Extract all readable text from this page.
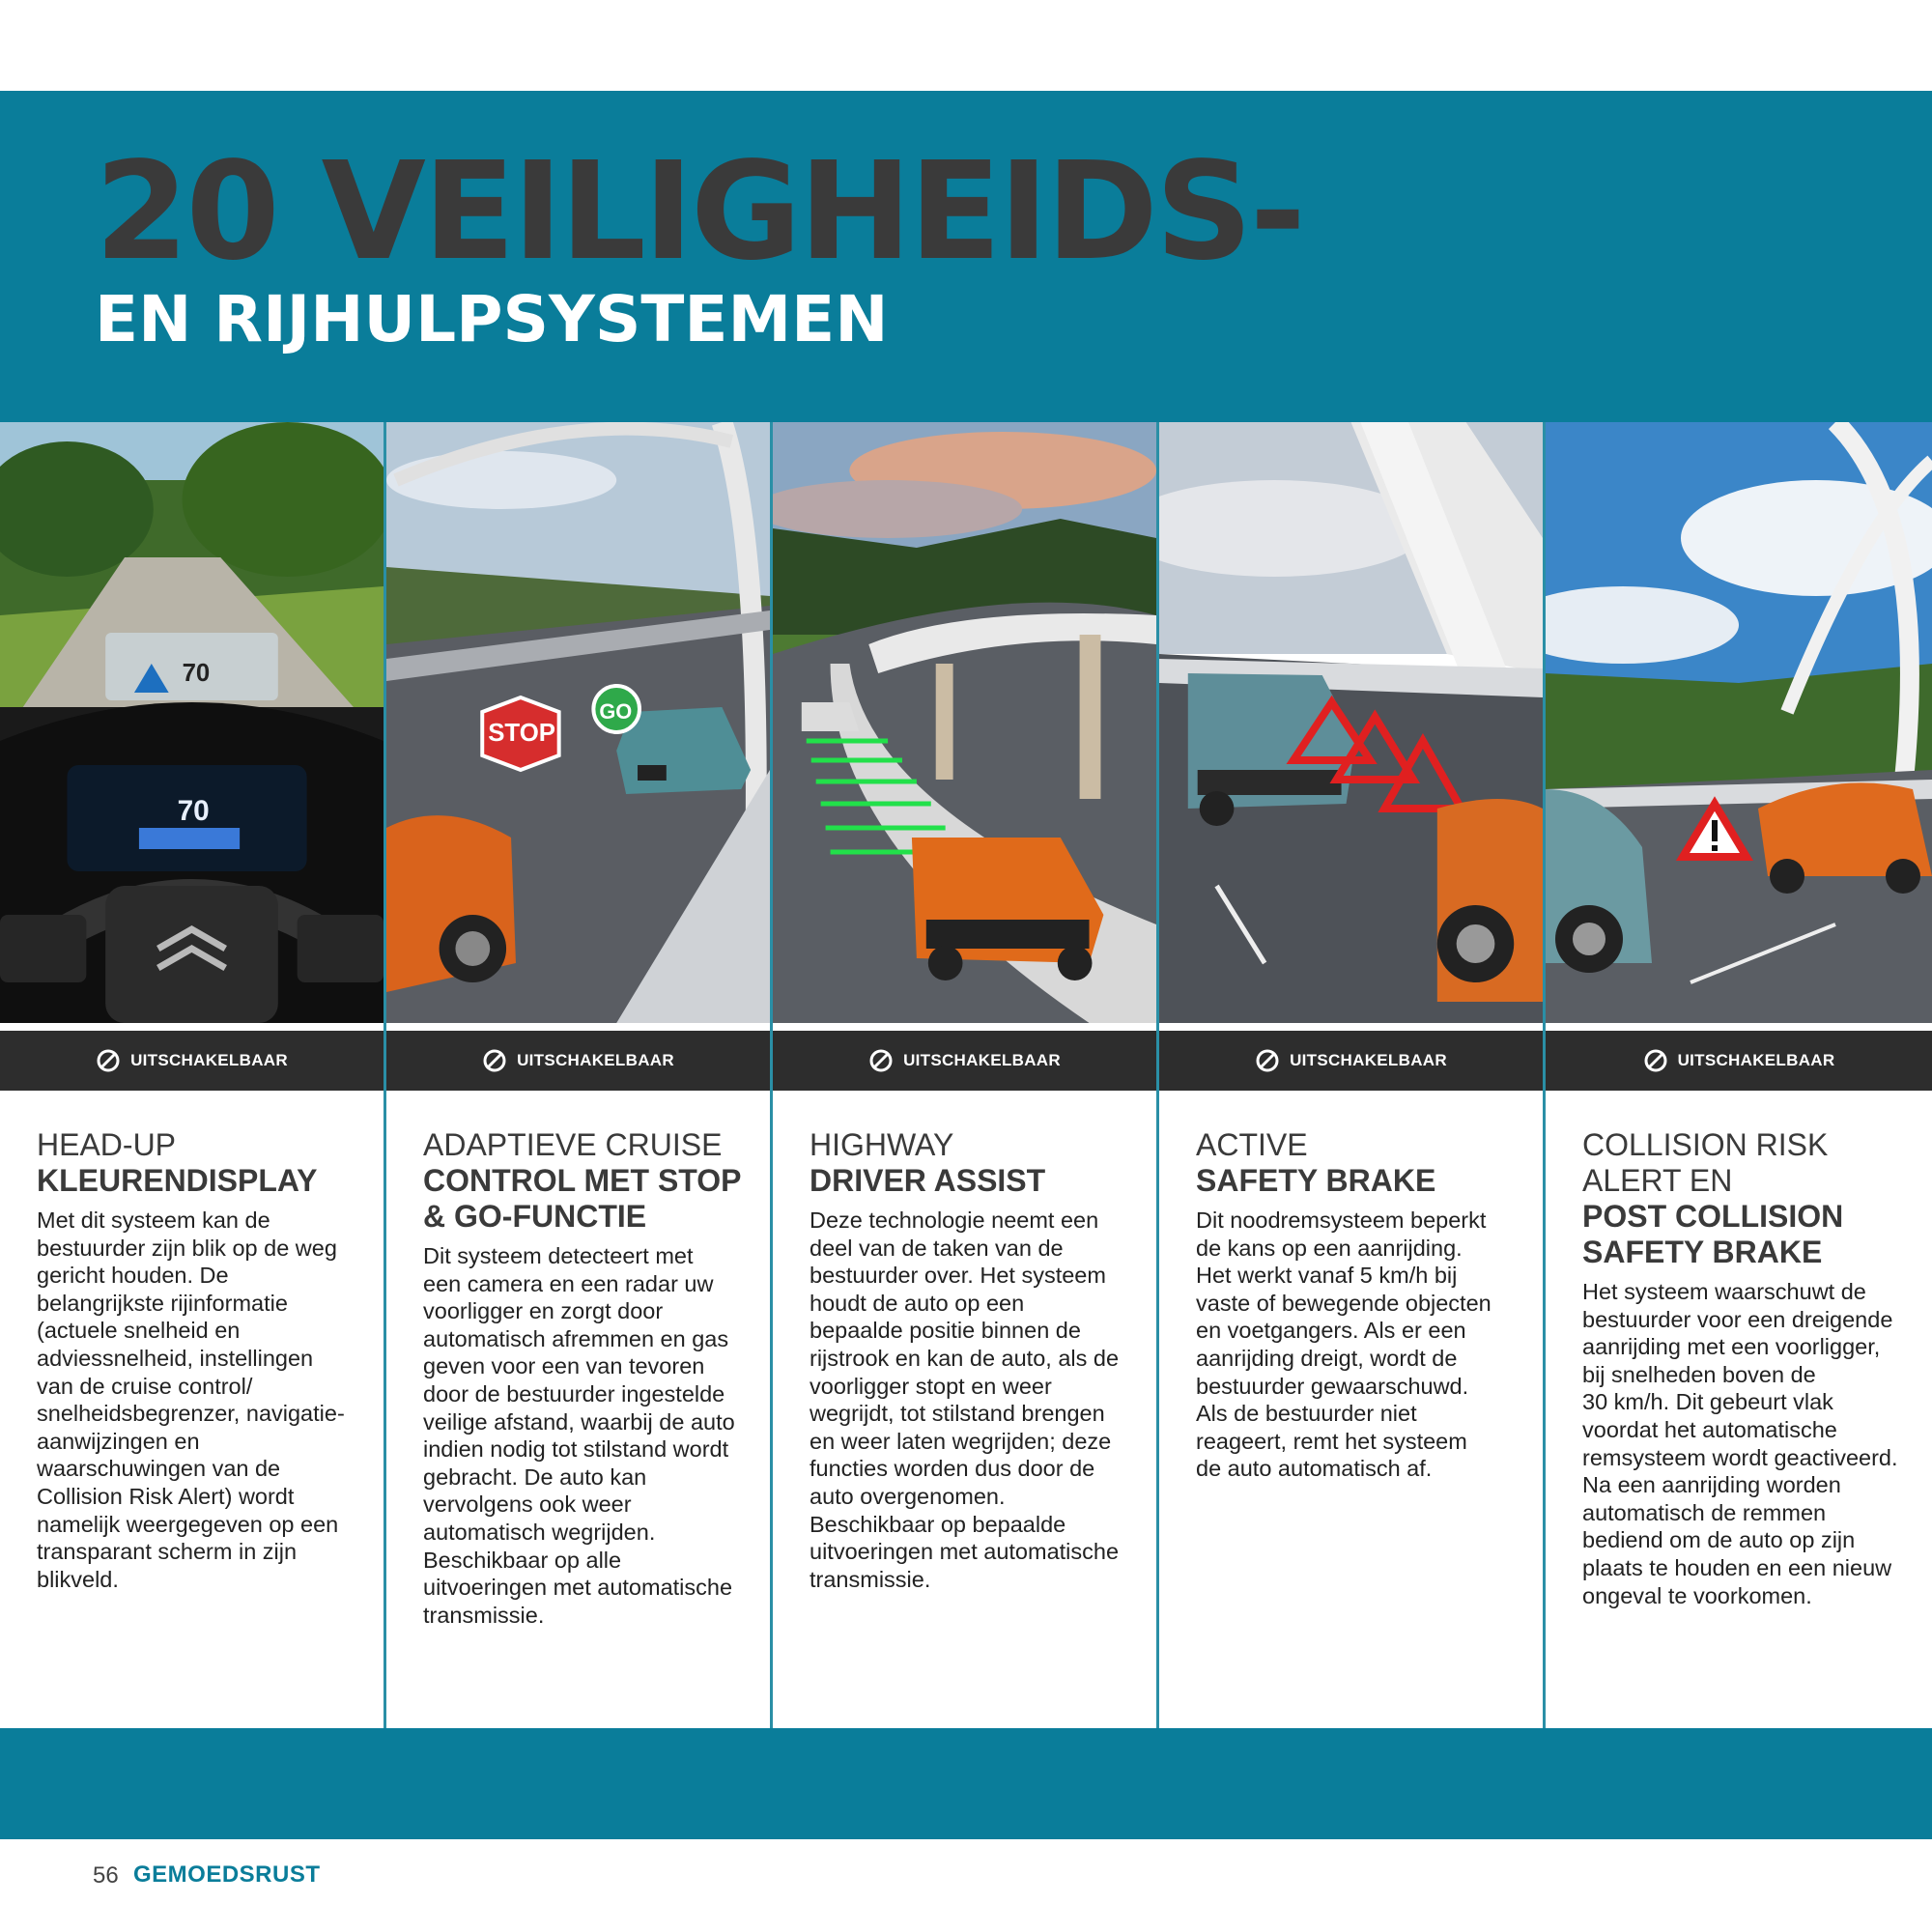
20 VEILIGHEIDS-
EN RIJHULPSYSTEMEN
70
70
UITSCHAKELBAAR
HEAD-UP
KLEURENDISPLAY
Met dit systeem kan de
bestuurder zijn blik op de weg
gericht houden. De
belangrijkste rijinformatie
(actuele snelheid en
adviessnelheid, instellingen
van de cruise control/
snelheidsbegrenzer, navigatie-
aanwijzingen en
waarschuwingen van de
Collision Risk Alert) wordt
namelijk weergegeven op een
transparant scherm in zijn
blikveld.
STOP
GO
UITSCHAKELBAAR
ADAPTIEVE CRUISE
CONTROL MET STOP
& GO-FUNCTIE
Dit systeem detecteert met
een camera en een radar uw
voorligger en zorgt door
automatisch afremmen en gas
geven voor een van tevoren
door de bestuurder ingestelde
veilige afstand, waarbij de auto
indien nodig tot stilstand wordt
gebracht. De auto kan
vervolgens ook weer
automatisch wegrijden.
Beschikbaar op alle
uitvoeringen met automatische
transmissie.
UITSCHAKELBAAR
HIGHWAY
DRIVER ASSIST
Deze technologie neemt een
deel van de taken van de
bestuurder over. Het systeem
houdt de auto op een
bepaalde positie binnen de
rijstrook en kan de auto, als de
voorligger stopt en weer
wegrijdt, tot stilstand brengen
en weer laten wegrijden; deze
functies worden dus door de
auto overgenomen.
Beschikbaar op bepaalde
uitvoeringen met automatische
transmissie.
UITSCHAKELBAAR
ACTIVE
SAFETY BRAKE
Dit noodremsysteem beperkt
de kans op een aanrijding.
Het werkt vanaf 5 km/h bij
vaste of bewegende objecten
en voetgangers. Als er een
aanrijding dreigt, wordt de
bestuurder gewaarschuwd.
Als de bestuurder niet
reageert, remt het systeem
de auto automatisch af.
UITSCHAKELBAAR
COLLISION RISK
ALERT EN
POST COLLISION
SAFETY BRAKE
Het systeem waarschuwt de
bestuurder voor een dreigende
aanrijding met een voorligger,
bij snelheden boven de
30 km/h. Dit gebeurt vlak
voordat het automatische
remsysteem wordt geactiveerd.
Na een aanrijding worden
automatisch de remmen
bediend om de auto op zijn
plaats te houden en een nieuw
ongeval te voorkomen.
56 GEMOEDSRUST
